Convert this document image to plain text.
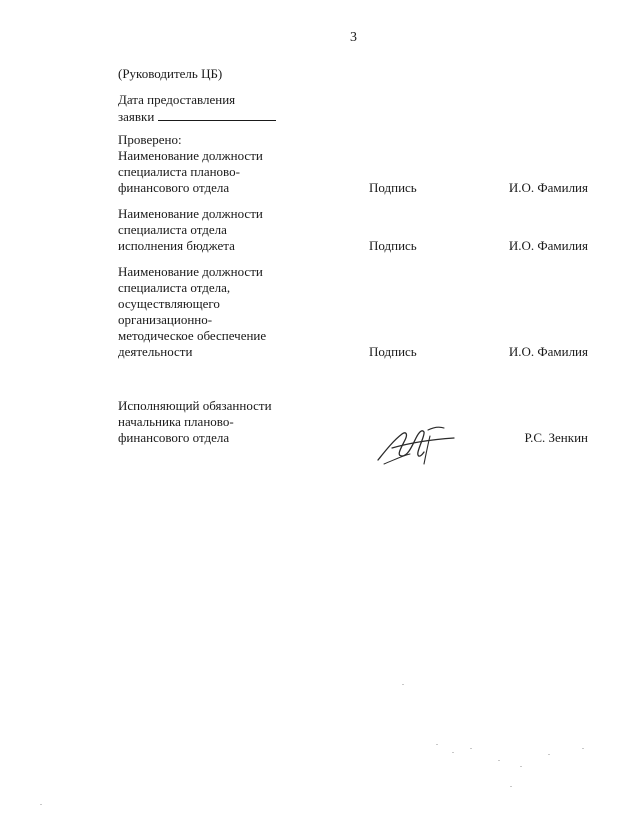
3
(Руководитель ЦБ)
Дата предоставления
заявки
Проверено:
Наименование должности
специалиста планово-
финансового отдела	Подпись	И.О. Фамилия
Наименование должности
специалиста отдела
исполнения бюджета	Подпись	И.О. Фамилия
Наименование должности
специалиста отдела,
осуществляющего
организационно-
методическое обеспечение
деятельности	Подпись	И.О. Фамилия
Исполняющий обязанности
начальника планово-
финансового отдела	Р.С. Зенкин
